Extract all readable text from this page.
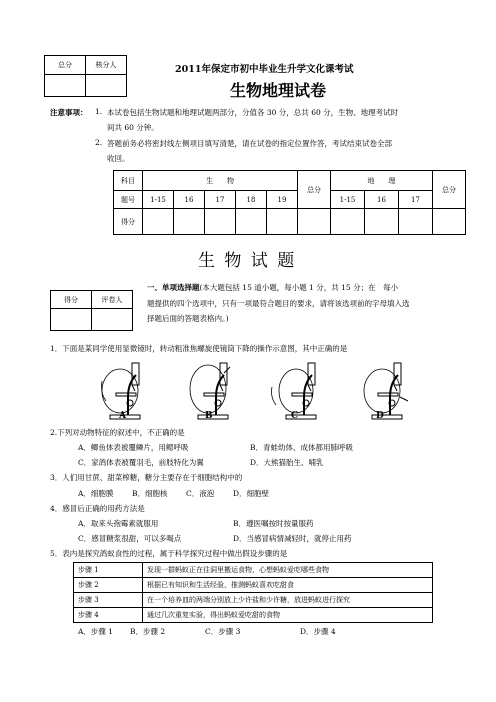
总分	核分人
		2011年保定市初中毕业生升学文化课考试
生物地理试卷
注意事项： 1. 本试卷包括生物试题和地理试题两部分，分值各 30 分，总共 60 分，生物、地理考试时
间共 60 分钟。
2. 答题前务必将密封线左侧项目填写清楚，请在试卷的指定位置作答，考试结束试卷全部
收回。
科目	生　　物					总分	地　　理			总分
题号	1-15	16	17	18	19		1-15	16	17	
得分										
生 物 试 题
得分	评卷人

一、单项选择题(本大题包括 15 道小题，每小题 1 分，共 15 分；在　每小
题提供的四个选项中，只有一项最符合题目的要求，请将该选项前的字母填入选
择题后面的答题表格内。)
1．下面是某同学使用显微镜时，转动粗准焦螺旋使镜筒下降的操作示意图，其中正确的是
A	B	C	D
2.下列对动物特征的叙述中，不正确的是
A．鲫鱼体表被覆鳞片，用鳃呼吸	B．青蛙幼体、成体都用肺呼吸
C．家鸽体表被覆羽毛，前肢特化为翼	D．大熊猫胎生、哺乳
3．人们用甘蔗、甜菜榨糖，糖分主要存在于细胞结构中的
A．细胞膜 B．细胞核 C．液泡	D．细胞壁
4．感冒后正确的用药方法是
A．取来头孢霉素就服用	B．遵医嘱按时按量服药
C．感冒糖浆很甜，可以多喝点	D．当感冒病情减轻时，就停止用药
5．表内是探究鸽蚁食性的过程，属于科学探究过程中做出假设步骤的是
步骤 1	发现一群蚂蚁正在往洞里搬运食物，心想蚂蚁爱吃哪些食物
步骤 2	根据已有知识和生活经验，推测蚂蚁喜欢吃甜食
步骤 3	在一个培养皿的两端分别放上少许盐和少许糖，放进蚂蚁进行探究
步骤 4	通过几次重复实验，得出蚂蚁爱吃甜的食物
A．步骤 1 B．步骤 2	C．步骤 3	D．步骤 4
